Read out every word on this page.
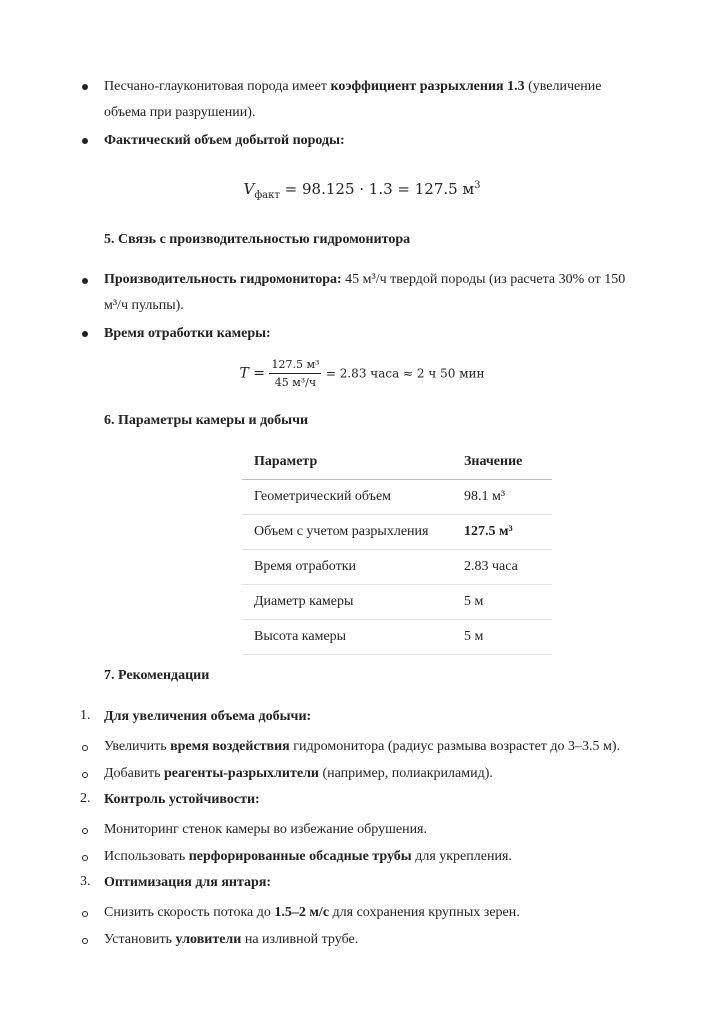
Песчано-глауконитовая порода имеет коэффициент разрыхления 1.3 (увеличение
объема при разрушении).
Фактический объем добытой породы:
$V_{факт} = 98.125 \cdot 1.3 = 127.5$ $м^3$
5. Связь с производительностью гидромонитора
Производительность гидромонитора: 45 м³/ч твердой породы (из расчета 30% от 150
м³/ч пульпы).
Время отработки камеры:
$T = \frac{\text{127.5 м³}}{\text{45 м³/ч}} = 2.83$ часа ≈ 2 ч 50 мин
6. Параметры камеры и добычи
Параметр	Значение
Геометрический объем	98.1 м³
Объем с учетом разрыхления	127.5 м³
Время отработки	2.83 часа
Диаметр камеры	5 м
Высота камеры	5 м
7. Рекомендации
1. Для увеличения объема добычи:
Увеличить время воздействия гидромонитора (радиус размыва возрастет до 3–3.5 м).
Добавить реагенты-разрыхлители (например, полиакриламид).
2. Контроль устойчивости:
Мониторинг стенок камеры во избежание обрушения.
Использовать перфорированные обсадные трубы для укрепления.
3. Оптимизация для янтаря:
Снизить скорость потока до 1.5–2 м/с для сохранения крупных зерен.
Установить уловители на изливной трубе.
